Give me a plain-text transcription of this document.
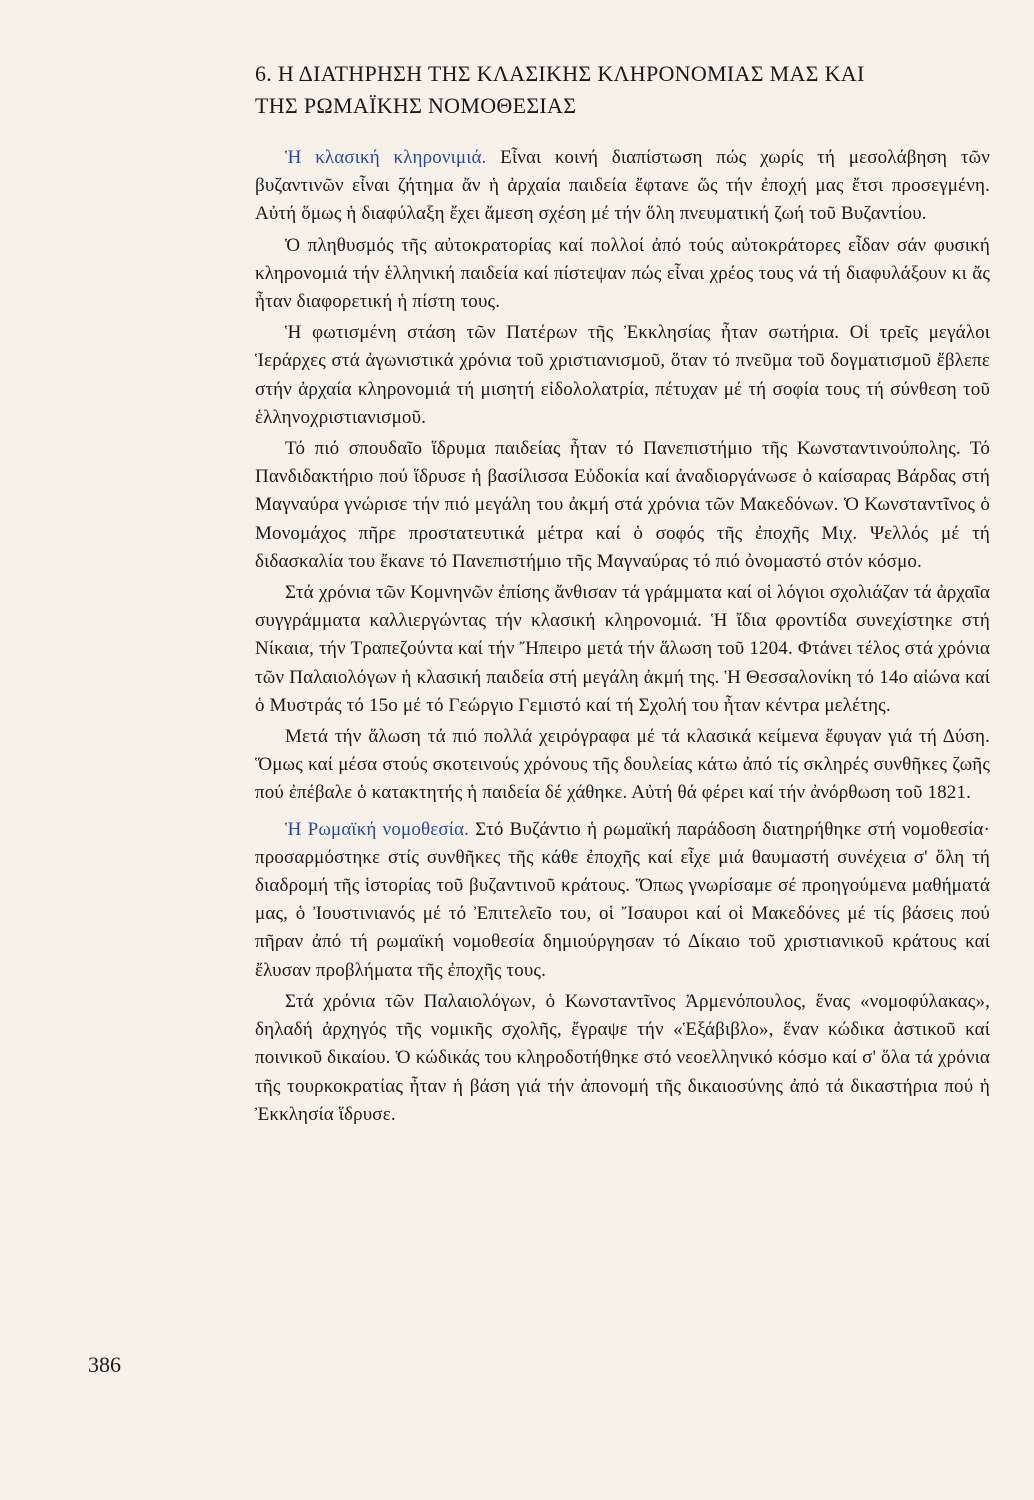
6. Η ΔΙΑΤΗΡΗΣΗ ΤΗΣ ΚΛΑΣΙΚΗΣ ΚΛΗΡΟΝΟΜΙΑΣ ΜΑΣ ΚΑΙ
ΤΗΣ ΡΩΜΑΪΚΗΣ ΝΟΜΟΘΕΣΙΑΣ

Ἡ κλασική κληρονιμιά. Εἶναι κοινή διαπίστωση πώς χωρίς τή μεσολάβηση τῶν βυζαντινῶν εἶναι ζήτημα ἄν ἡ ἀρχαία παιδεία ἔφτανε ὥς τήν ἐποχή μας ἔτσι προσεγμένη. Αὐτή ὅμως ἡ διαφύλαξη ἔχει ἄμεση σχέση μέ τήν ὅλη πνευματική ζωή τοῦ Βυζαντίου.

Ὁ πληθυσμός τῆς αὐτοκρατορίας καί πολλοί ἀπό τούς αὐτοκράτορες εἶδαν σάν φυσική κληρονομιά τήν ἑλληνική παιδεία καί πίστεψαν πώς εἶναι χρέος τους νά τή διαφυλάξουν κι ἄς ἦταν διαφορετική ἡ πίστη τους.

Ἡ φωτισμένη στάση τῶν Πατέρων τῆς Ἐκκλησίας ἦταν σωτήρια. Οἱ τρεῖς μεγάλοι Ἱεράρχες στά ἀγωνιστικά χρόνια τοῦ χριστιανισμοῦ, ὅταν τό πνεῦμα τοῦ δογματισμοῦ ἔβλεπε στήν ἀρχαία κληρονομιά τή μισητή εἰδολολατρία, πέτυχαν μέ τή σοφία τους τή σύνθεση τοῦ ἑλληνοχριστιανισμοῦ.

Τό πιό σπουδαῖο ἵδρυμα παιδείας ἦταν τό Πανεπιστήμιο τῆς Κωνσταντινούπολης. Τό Πανδιδακτήριο πού ἵδρυσε ἡ βασίλισσα Εὐδοκία καί ἀναδιοργάνωσε ὁ καίσαρας Βάρδας στή Μαγναύρα γνώρισε τήν πιό μεγάλη του ἀκμή στά χρόνια τῶν Μακεδόνων. Ὁ Κωνσταντῖνος ὁ Μονομάχος πῆρε προστατευτικά μέτρα καί ὁ σοφός τῆς ἐποχῆς Μιχ. Ψελλός μέ τή διδασκαλία του ἔκανε τό Πανεπιστήμιο τῆς Μαγναύρας τό πιό ὀνομαστό στόν κόσμο.

Στά χρόνια τῶν Κομνηνῶν ἐπίσης ἄνθισαν τά γράμματα καί οἱ λόγιοι σχολιάζαν τά ἀρχαῖα συγγράμματα καλλιεργώντας τήν κλασική κληρονομιά. Ἡ ἴδια φροντίδα συνεχίστηκε στή Νίκαια, τήν Τραπεζούντα καί τήν Ἤπειρο μετά τήν ἅλωση τοῦ 1204. Φτάνει τέλος στά χρόνια τῶν Παλαιολόγων ἡ κλασική παιδεία στή μεγάλη ἀκμή της. Ἡ Θεσσαλονίκη τό 14ο αἰώνα καί ὁ Μυστράς τό 15ο μέ τό Γεώργιο Γεμιστό καί τή Σχολή του ἦταν κέντρα μελέτης.

Μετά τήν ἅλωση τά πιό πολλά χειρόγραφα μέ τά κλασικά κείμενα ἔφυγαν γιά τή Δύση. Ὅμως καί μέσα στούς σκοτεινούς χρόνους τῆς δουλείας κάτω ἀπό τίς σκληρές συνθῆκες ζωῆς πού ἐπέβαλε ὁ κατακτητής ἡ παιδεία δέ χάθηκε. Αὐτή θά φέρει καί τήν ἀνόρθωση τοῦ 1821.

Ἡ Ρωμαϊκή νομοθεσία. Στό Βυζάντιο ἡ ρωμαϊκή παράδοση διατηρήθηκε στή νομοθεσία· προσαρμόστηκε στίς συνθῆκες τῆς κάθε ἐποχῆς καί εἶχε μιά θαυμαστή συνέχεια σ' ὅλη τή διαδρομή τῆς ἱστορίας τοῦ βυζαντινοῦ κράτους. Ὅπως γνωρίσαμε σέ προηγούμενα μαθήματά μας, ὁ Ἰουστινιανός μέ τό Ἐπιτελεῖο του, οἱ Ἴσαυροι καί οἱ Μακεδόνες μέ τίς βάσεις πού πῆραν ἀπό τή ρωμαϊκή νομοθεσία δημιούργησαν τό Δίκαιο τοῦ χριστιανικοῦ κράτους καί ἔλυσαν προβλήματα τῆς ἐποχῆς τους.

Στά χρόνια τῶν Παλαιολόγων, ὁ Κωνσταντῖνος Ἀρμενόπουλος, ἕνας «νομοφύλακας», δηλαδή ἀρχηγός τῆς νομικῆς σχολῆς, ἔγραψε τήν «Ἑξάβιβλο», ἕναν κώδικα ἀστικοῦ καί ποινικοῦ δικαίου. Ὁ κώδικάς του κληροδοτήθηκε στό νεοελληνικό κόσμο καί σ' ὅλα τά χρόνια τῆς τουρκοκρατίας ἦταν ἡ βάση γιά τήν ἀπονομή τῆς δικαιοσύνης ἀπό τά δικαστήρια πού ἡ Ἐκκλησία ἵδρυσε.

386
